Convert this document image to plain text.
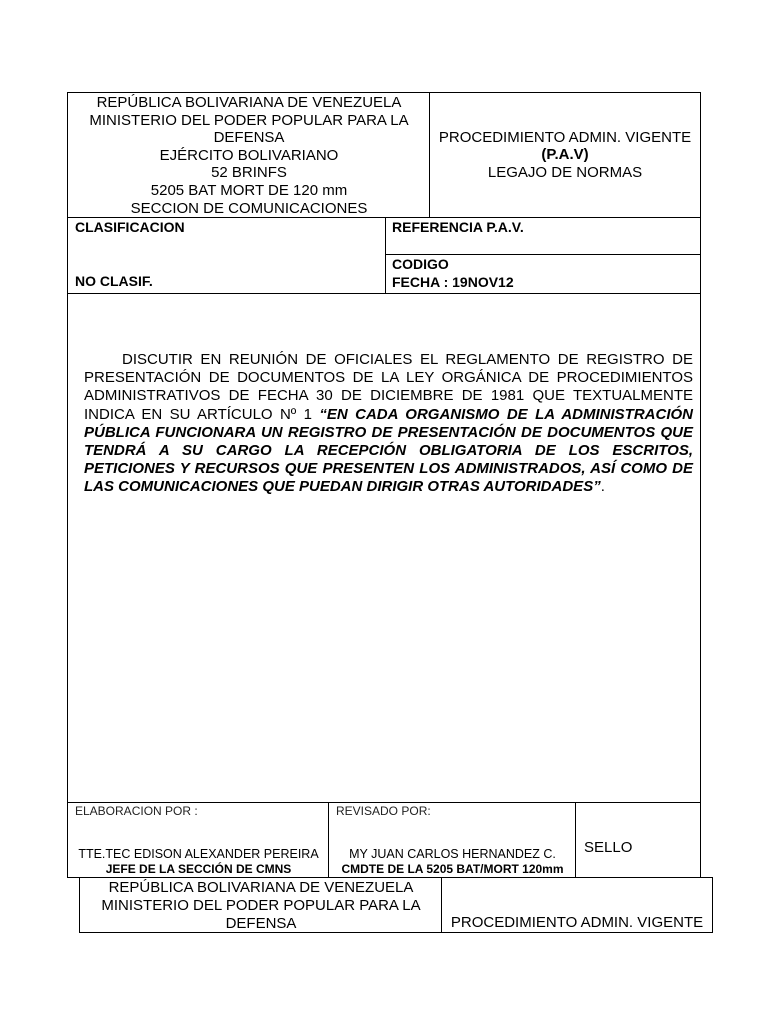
REPÚBLICA BOLIVARIANA DE VENEZUELA
MINISTERIO DEL PODER POPULAR PARA LA DEFENSA
EJÉRCITO BOLIVARIANO
52 BRINFS
5205 BAT MORT DE 120 mm
SECCION DE COMUNICACIONES
PROCEDIMIENTO ADMIN. VIGENTE
(P.A.V)
LEGAJO DE NORMAS
CLASIFICACION
NO CLASIF.
REFERENCIA P.A.V.
CODIGO
FECHA : 19NOV12
DISCUTIR EN REUNIÓN DE OFICIALES EL REGLAMENTO DE REGISTRO DE PRESENTACIÓN DE DOCUMENTOS DE LA LEY ORGÁNICA DE PROCEDIMIENTOS ADMINISTRATIVOS DE FECHA 30 DE DICIEMBRE DE 1981 QUE TEXTUALMENTE INDICA EN SU ARTÍCULO Nº 1 “EN CADA ORGANISMO DE LA ADMINISTRACIÓN PÚBLICA FUNCIONARA UN REGISTRO DE PRESENTACIÓN DE DOCUMENTOS QUE TENDRÁ A SU CARGO LA RECEPCIÓN OBLIGATORIA DE LOS ESCRITOS, PETICIONES Y RECURSOS QUE PRESENTEN LOS ADMINISTRADOS, ASÍ COMO DE LAS COMUNICACIONES QUE PUEDAN DIRIGIR OTRAS AUTORIDADES”.
ELABORACION POR :
TTE.TEC EDISON ALEXANDER PEREIRA
JEFE DE LA SECCIÓN DE CMNS
REVISADO POR:
MY JUAN CARLOS HERNANDEZ C.
CMDTE DE LA 5205 BAT/MORT 120mm
SELLO
REPÚBLICA BOLIVARIANA DE VENEZUELA
MINISTERIO DEL PODER POPULAR PARA LA
DEFENSA	PROCEDIMIENTO ADMIN. VIGENTE
